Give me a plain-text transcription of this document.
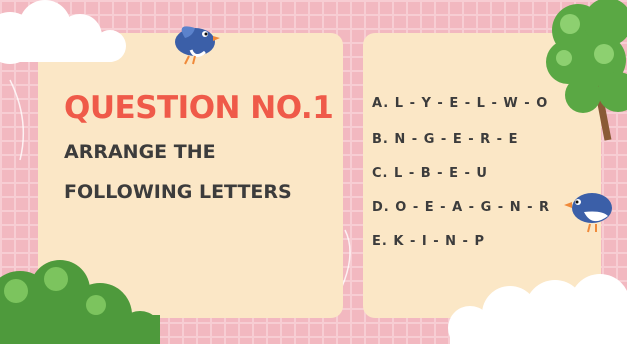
QUESTION NO.1
ARRANGE THE
FOLLOWING LETTERS
A. L - Y - E - L - W - O
B. N - G - E - R - E
C. L - B - E - U
D. O - E - A - G - N - R
E. K - I - N - P
